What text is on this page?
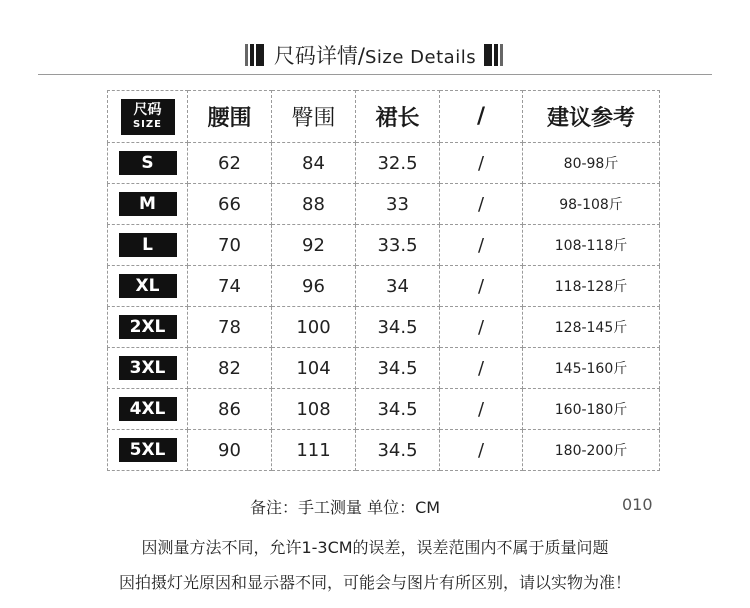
尺码详情/Size Details
尺码
SIZE	腰围	臀围	裙长	/	建议参考
S	62	84	32.5	/	80-98斤
M	66	88	33	/	98-108斤
L	70	92	33.5	/	108-118斤
XL	74	96	34	/	118-128斤
2XL	78	100	34.5	/	128-145斤
3XL	82	104	34.5	/	145-160斤
4XL	86	108	34.5	/	160-180斤
5XL	90	111	34.5	/	180-200斤
备注：手工测量 单位：CM	010
因测量方法不同，允许1-3CM的误差，误差范围内不属于质量问题
因拍摄灯光原因和显示器不同，可能会与图片有所区别，请以实物为准！
